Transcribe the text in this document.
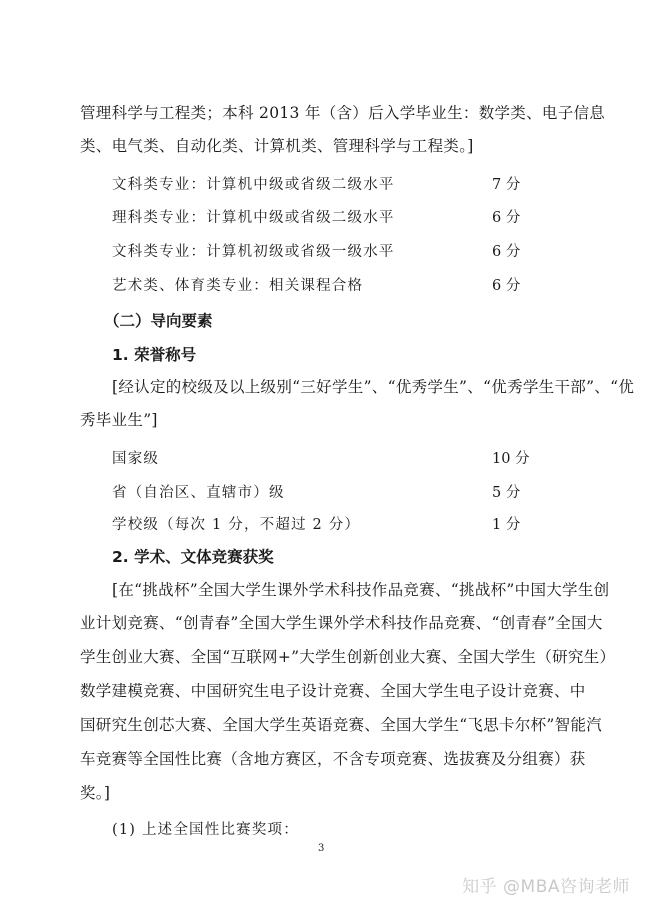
管理科学与工程类；本科 2013 年（含）后入学毕业生：数学类、电子信息
类、电气类、自动化类、计算机类、管理科学与工程类。]
文科类专业：计算机中级或省级二级水平	7 分
理科类专业：计算机中级或省级二级水平	6 分
文科类专业：计算机初级或省级一级水平	6 分
艺术类、体育类专业：相关课程合格	6 分
（二）导向要素
1. 荣誉称号
[经认定的校级及以上级别“三好学生”、“优秀学生”、“优秀学生干部”、“优
秀毕业生”]
国家级	10 分
省（自治区、直辖市）级	5 分
学校级（每次 1 分，不超过 2 分）	1 分
2. 学术、文体竞赛获奖
[在“挑战杯”全国大学生课外学术科技作品竞赛、“挑战杯”中国大学生创
业计划竞赛、“创青春”全国大学生课外学术科技作品竞赛、“创青春”全国大
学生创业大赛、全国“互联网+”大学生创新创业大赛、全国大学生（研究生）
数学建模竞赛、中国研究生电子设计竞赛、全国大学生电子设计竞赛、中
国研究生创芯大赛、全国大学生英语竞赛、全国大学生“飞思卡尔杯”智能汽
车竞赛等全国性比赛（含地方赛区，不含专项竞赛、选拔赛及分组赛）获
奖。]
(1) 上述全国性比赛奖项：
3
知乎 @MBA咨询老师
